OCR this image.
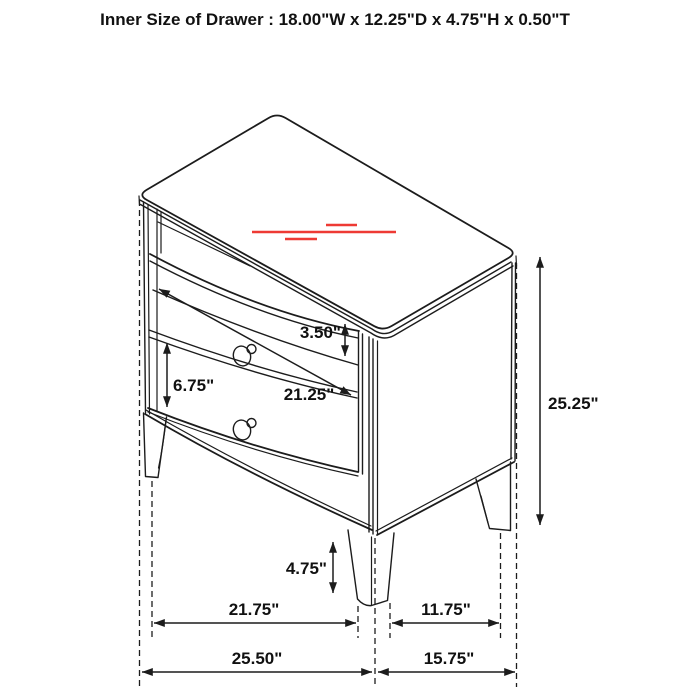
Inner Size of Drawer : 18.00"W x 12.25"D x 4.75"H x 0.50"T
3.50"
6.75"	21.25"	25.25"
4.75"
21.75"	11.75"
25.50"	15.75"
